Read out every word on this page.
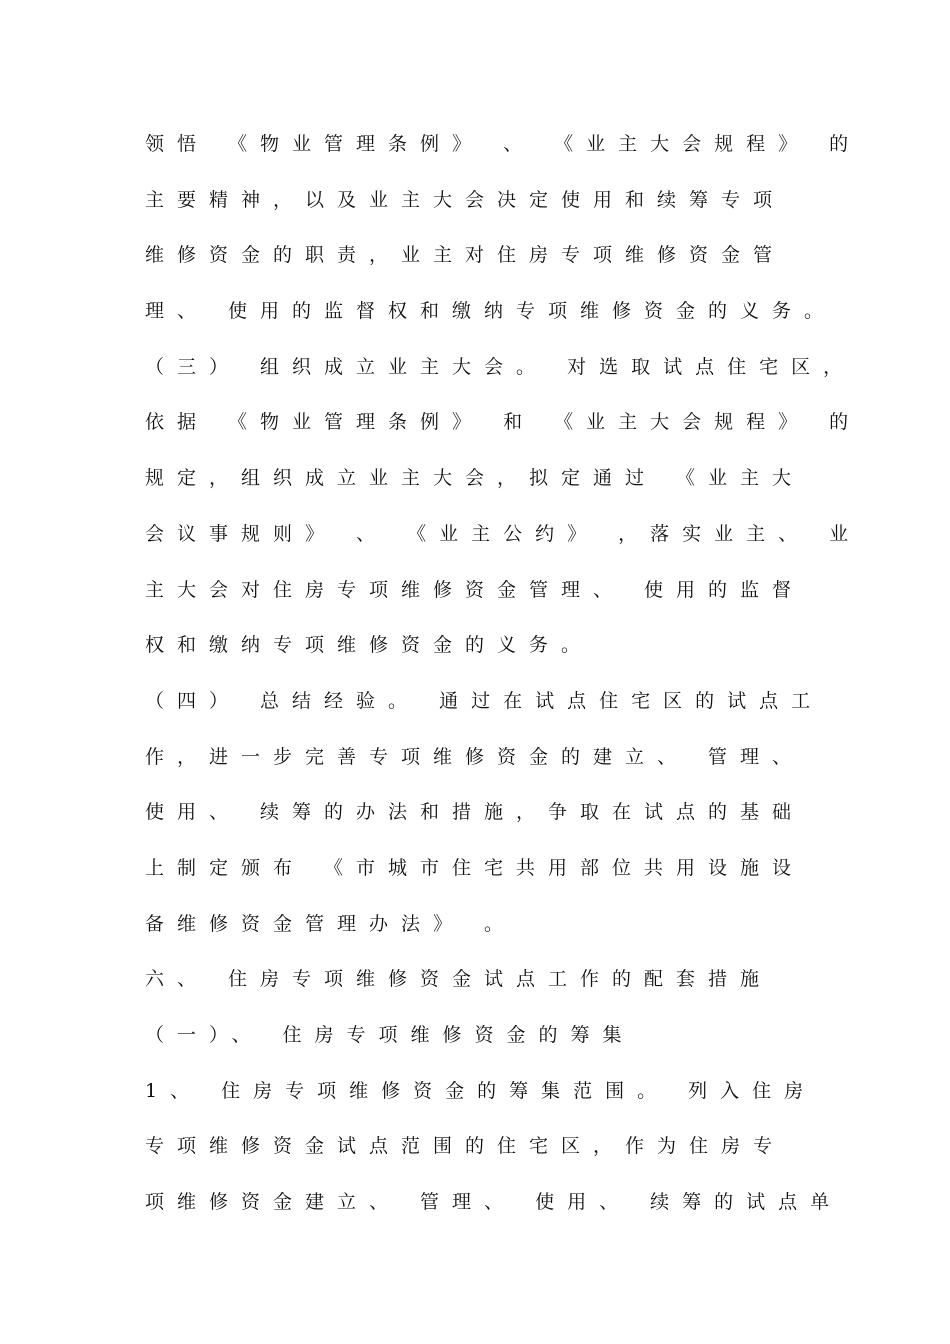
领悟 《物业管理条例》 、 《业主大会规程》 的
主要精神，以及业主大会决定使用和续筹专项
维修资金的职责，业主对住房专项维修资金管
理、 使用的监督权和缴纳专项维修资金的义务。
（三） 组织成立业主大会。 对选取试点住宅区，
依据 《物业管理条例》 和 《业主大会规程》 的
规定，组织成立业主大会，拟定通过 《业主大
会议事规则》 、 《业主公约》 ，落实业主、 业
主大会对住房专项维修资金管理、 使用的监督
权和缴纳专项维修资金的义务。
（四） 总结经验。 通过在试点住宅区的试点工
作，进一步完善专项维修资金的建立、 管理、
使用、 续筹的办法和措施，争取在试点的基础
上制定颁布 《市城市住宅共用部位共用设施设
备维修资金管理办法》 。
六、 住房专项维修资金试点工作的配套措施
（一）、 住房专项维修资金的筹集
1、 住房专项维修资金的筹集范围。 列入住房
专项维修资金试点范围的住宅区，作为住房专
项维修资金建立、 管理、 使用、 续筹的试点单
